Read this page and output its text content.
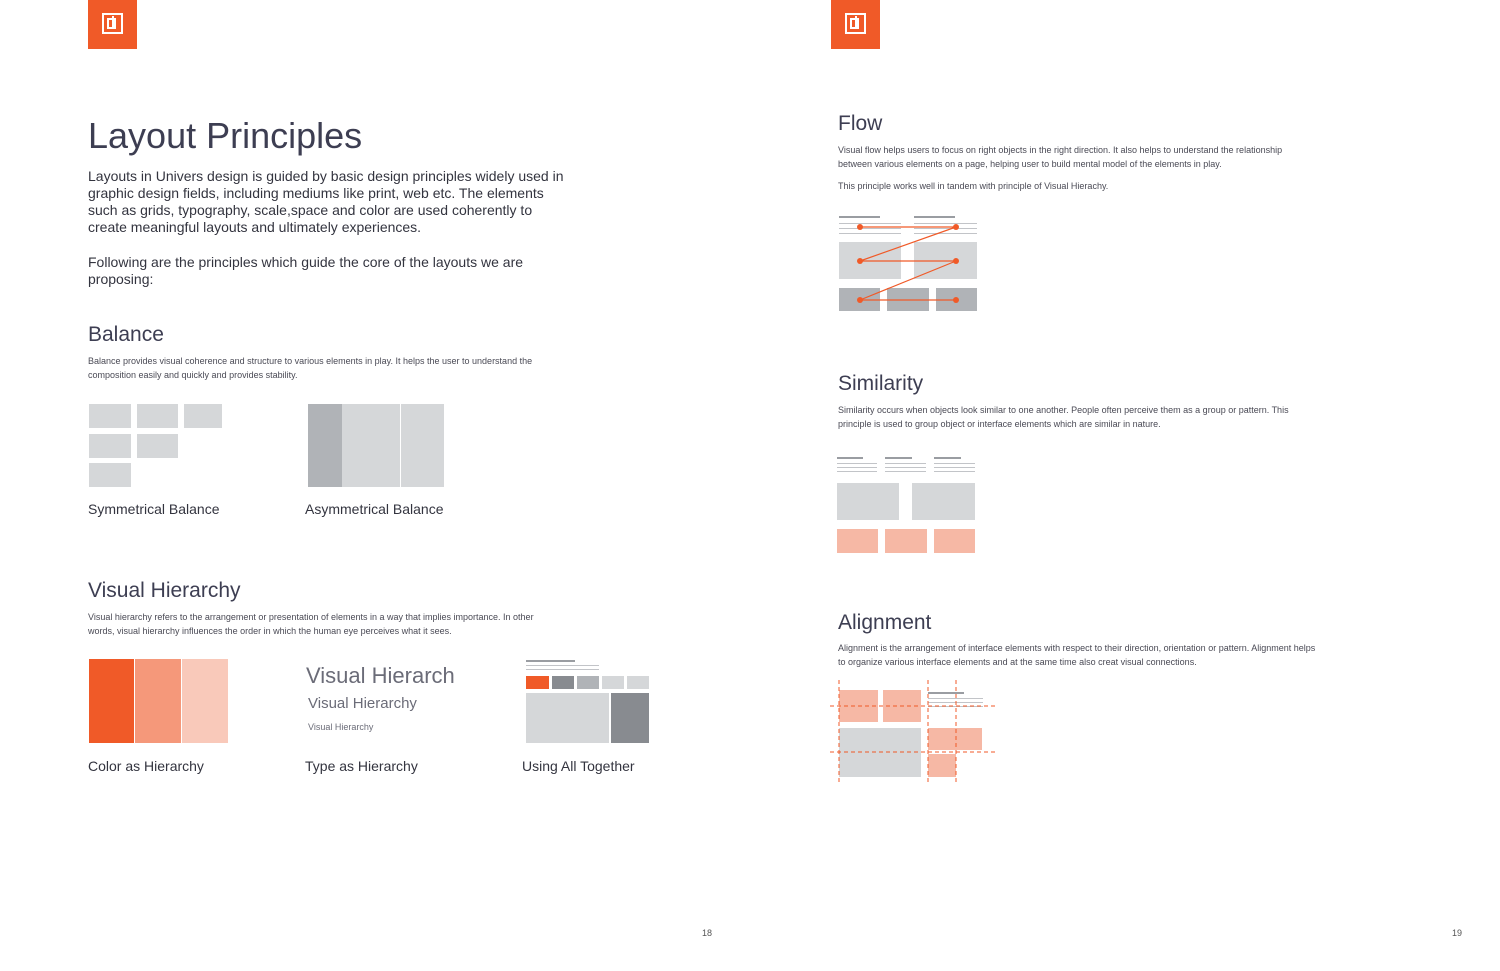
Layout Principles

Layouts in Univers design is guided by basic design principles widely used in graphic design fields, including mediums like print, web etc. The elements such as grids, typography, scale,space and color are used coherently to create meaningful layouts and ultimately experiences.

Following are the principles which guide the core of the layouts we are proposing:

Balance

Balance provides visual coherence and structure to various elements in play. It helps the user to understand the composition easily and quickly and provides stability.

Symmetrical Balance	Asymmetrical Balance
Visual Hierarchy

Visual hierarchy refers to the arrangement or presentation of elements in a way that implies importance. In other words, visual hierarchy influences the order in which the human eye perceives what it sees.

Color as Hierarchy
Visual Hierarch
Visual Hierarchy
Visual Hierarchy
Type as Hierarchy	Using All Together
18
Flow

Visual flow helps users to focus on right objects in the right direction. It also helps to understand the relationship between various elements on a page, helping user to build mental model of the elements in play.

This principle works well in tandem with principle of Visual Hierachy.

Similarity

Similarity occurs when objects look similar to one another. People often perceive them as a group or pattern. This principle is used to group object or interface elements which are similar in nature.

Alignment

Alignment is the arrangement of interface elements with respect to their direction, orientation or pattern. Alignment helps to organize various interface elements and at the same time also creat visual connections.

19
